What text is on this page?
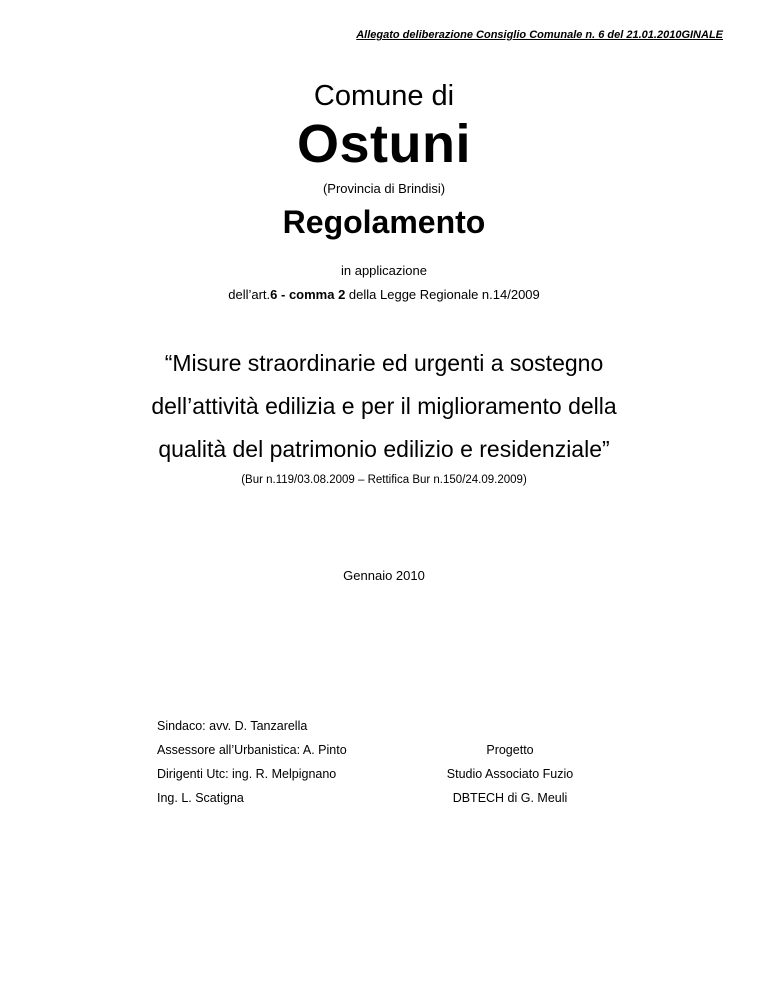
Allegato deliberazione Consiglio Comunale n. 6 del 21.01.2010GINALE
Comune di
Ostuni
(Provincia di Brindisi)
Regolamento
in applicazione
dell’art.6 - comma 2 della Legge Regionale n.14/2009
“Misure straordinarie ed urgenti a sostegno
dell’attività edilizia e per il miglioramento della
qualità del patrimonio edilizio e residenziale”
(Bur n.119/03.08.2009 – Rettifica Bur n.150/24.09.2009)
Gennaio 2010
Sindaco: avv. D. Tanzarella
Assessore all’Urbanistica: A. Pinto
Dirigenti Utc: ing. R. Melpignano
Ing. L. Scatigna
Progetto
Studio Associato Fuzio
DBTECH di G. Meuli
